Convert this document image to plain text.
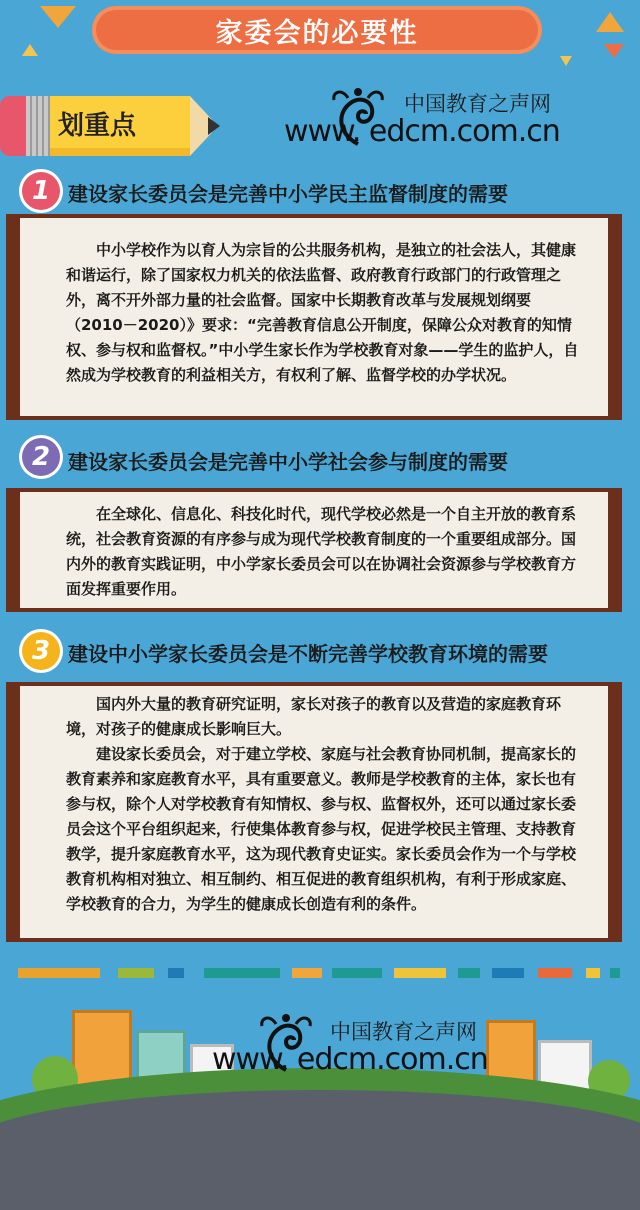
家委会的必要性
划重点
中国教育之声网
www. edcm.com.cn
1 建设家长委员会是完善中小学民主监督制度的需要

中小学校作为以育人为宗旨的公共服务机构，是独立的社会法人，其健康和谐运行，除了国家权力机关的依法监督、政府教育行政部门的行政管理之外，离不开外部力量的社会监督。国家中长期教育改革与发展规划纲要（2010－2020）》要求：“完善教育信息公开制度，保障公众对教育的知情权、参与权和监督权。”中小学生家长作为学校教育对象——学生的监护人，自然成为学校教育的利益相关方，有权利了解、监督学校的办学状况。

2 建设家长委员会是完善中小学社会参与制度的需要

在全球化、信息化、科技化时代，现代学校必然是一个自主开放的教育系统，社会教育资源的有序参与成为现代学校教育制度的一个重要组成部分。国内外的教育实践证明，中小学家长委员会可以在协调社会资源参与学校教育方面发挥重要作用。

3 建设中小学家长委员会是不断完善学校教育环境的需要

国内外大量的教育研究证明，家长对孩子的教育以及营造的家庭教育环境，对孩子的健康成长影响巨大。

建设家长委员会，对于建立学校、家庭与社会教育协同机制，提高家长的教育素养和家庭教育水平，具有重要意义。教师是学校教育的主体，家长也有参与权，除个人对学校教育有知情权、参与权、监督权外，还可以通过家长委员会这个平台组织起来，行使集体教育参与权，促进学校民主管理、支持教育教学，提升家庭教育水平，这为现代教育史证实。家长委员会作为一个与学校教育机构相对独立、相互制约、相互促进的教育组织机构，有利于形成家庭、学校教育的合力，为学生的健康成长创造有利的条件。

中国教育之声网
www. edcm.com.cn
